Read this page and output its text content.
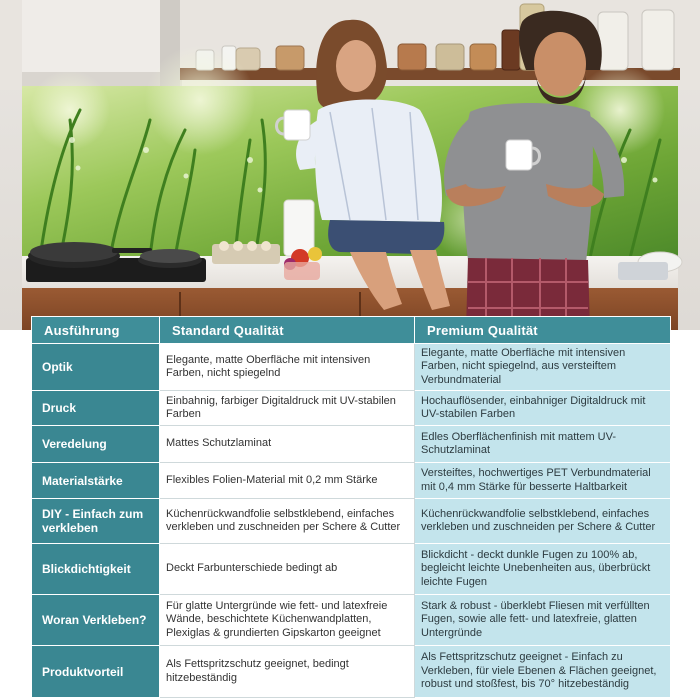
Ausführung	Standard Qualität	Premium Qualität
Optik	Elegante, matte Oberfläche mit intensiven Farben, nicht spiegelnd	Elegante, matte Oberfläche mit intensiven Farben, nicht spiegelnd, aus versteiftem Verbundmaterial

Druck	Einbahnig, farbiger Digitaldruck mit UV-stabilen Farben	Hochauflösender, einbahniger Digitaldruck mit UV-stabilen Farben

Veredelung	Mattes Schutzlaminat	Edles Oberflächenfinish mit mattem UV-Schutzlaminat

Materialstärke	Flexibles Folien-Material mit 0,2 mm Stärke	Versteiftes, hochwertiges PET Verbundmaterial mit 0,4 mm Stärke für besserte Haltbarkeit

DIY - Einfach zum verkleben	Küchenrückwandfolie selbstklebend, einfaches verkleben und zuschneiden per Schere & Cutter	Küchenrückwandfolie selbstklebend, einfaches verkleben und zuschneiden per Schere & Cutter

Blickdichtigkeit	Deckt Farbunterschiede bedingt ab	Blickdicht - deckt dunkle Fugen zu 100% ab, begleicht leichte Unebenheiten aus, überbrückt leichte Fugen

Woran Verkleben?	Für glatte Untergründe wie fett- und latexfreie Wände, beschichtete Küchenwandplatten, Plexiglas & grundierten Gipskarton geeignet	Stark & robust - überklebt Fliesen mit verfüllten Fugen, sowie alle fett- und latexfreie, glatten Untergründe

Produktvorteil	Als Fettspritzschutz geeignet, bedingt hitzebeständig	Als Fettspritzschutz geeignet - Einfach zu Verkleben, für viele Ebenen & Flächen geeignet, robust und stoßfest, bis 70° hitzebeständig
